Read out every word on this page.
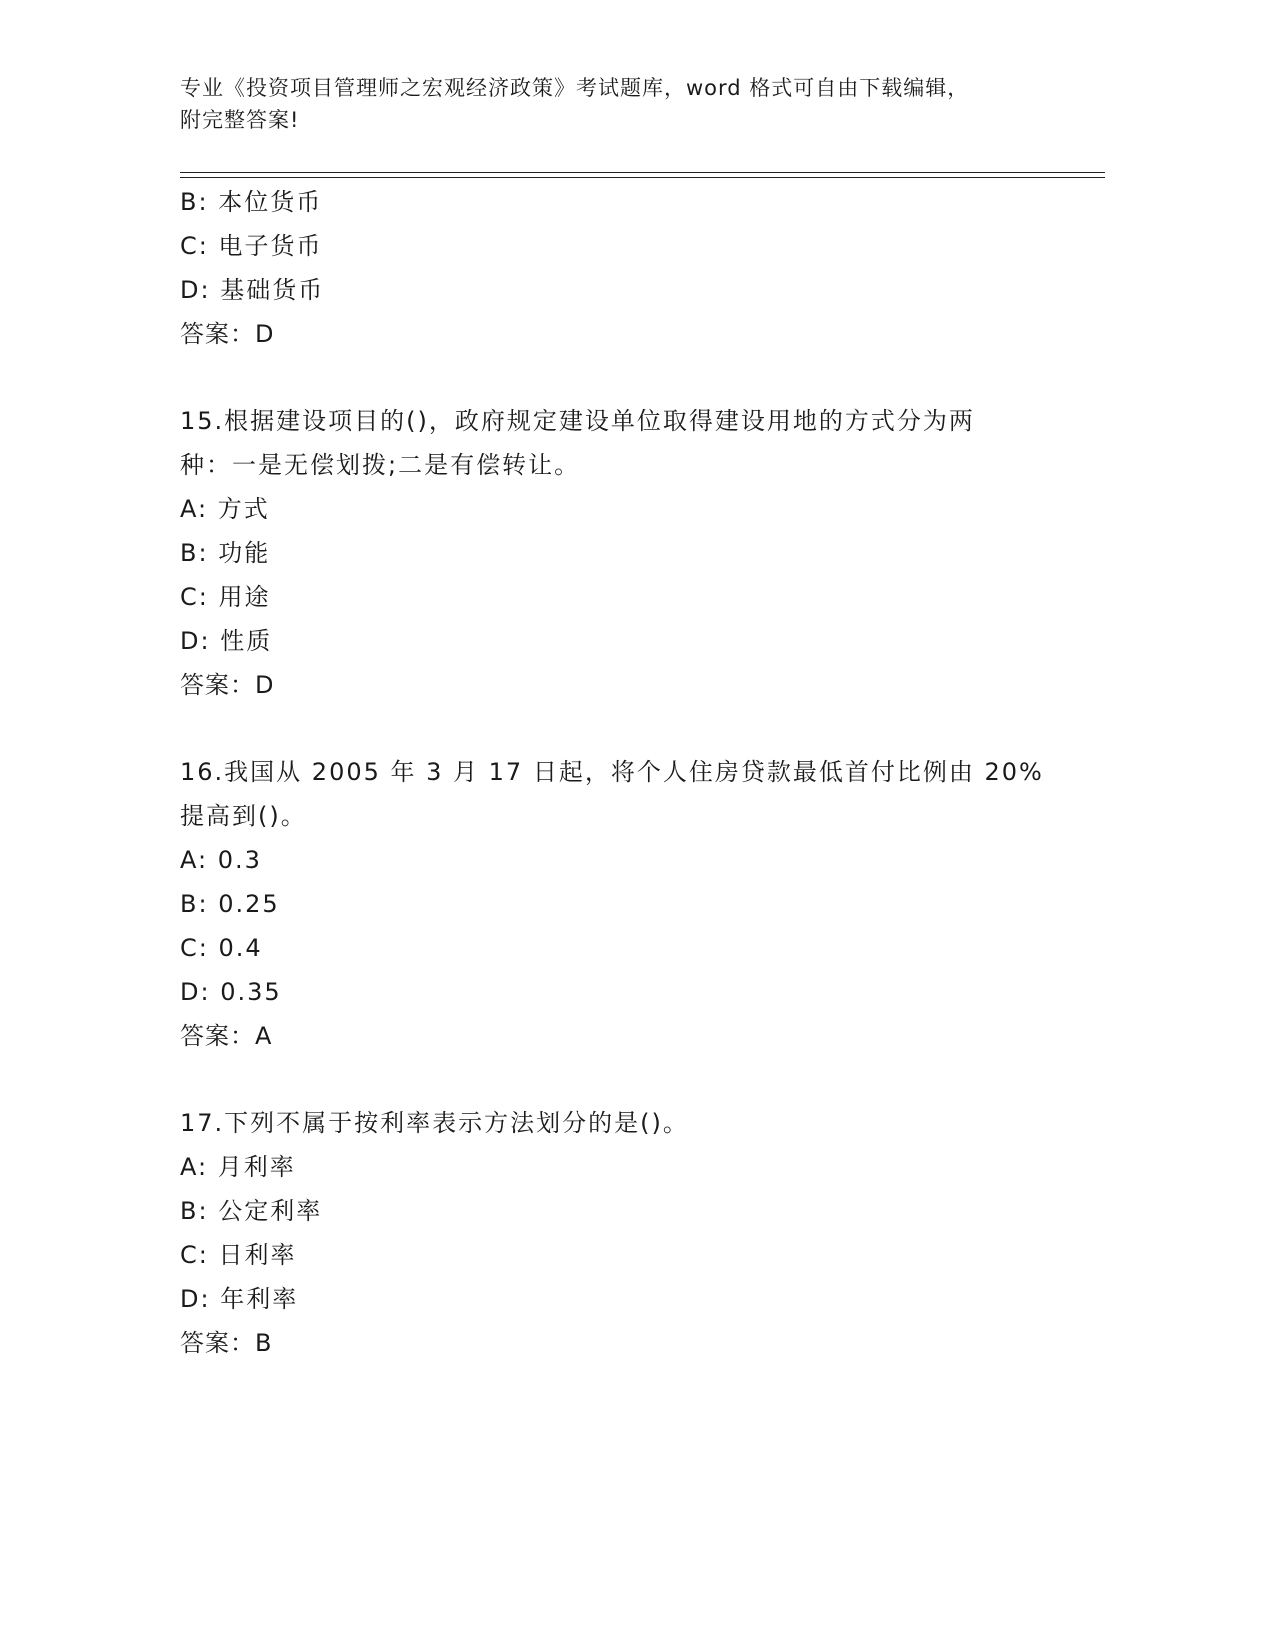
专业《投资项目管理师之宏观经济政策》考试题库，word 格式可自由下载编辑，
附完整答案!
B: 本位货币
C: 电子货币
D: 基础货币
答案：D
15.根据建设项目的()，政府规定建设单位取得建设用地的方式分为两
种：一是无偿划拨;二是有偿转让。
A: 方式
B: 功能
C: 用途
D: 性质
答案：D
16.我国从 2005 年 3 月 17 日起，将个人住房贷款最低首付比例由 20%
提高到()。
A: 0.3
B: 0.25
C: 0.4
D: 0.35
答案：A
17.下列不属于按利率表示方法划分的是()。
A: 月利率
B: 公定利率
C: 日利率
D: 年利率
答案：B
